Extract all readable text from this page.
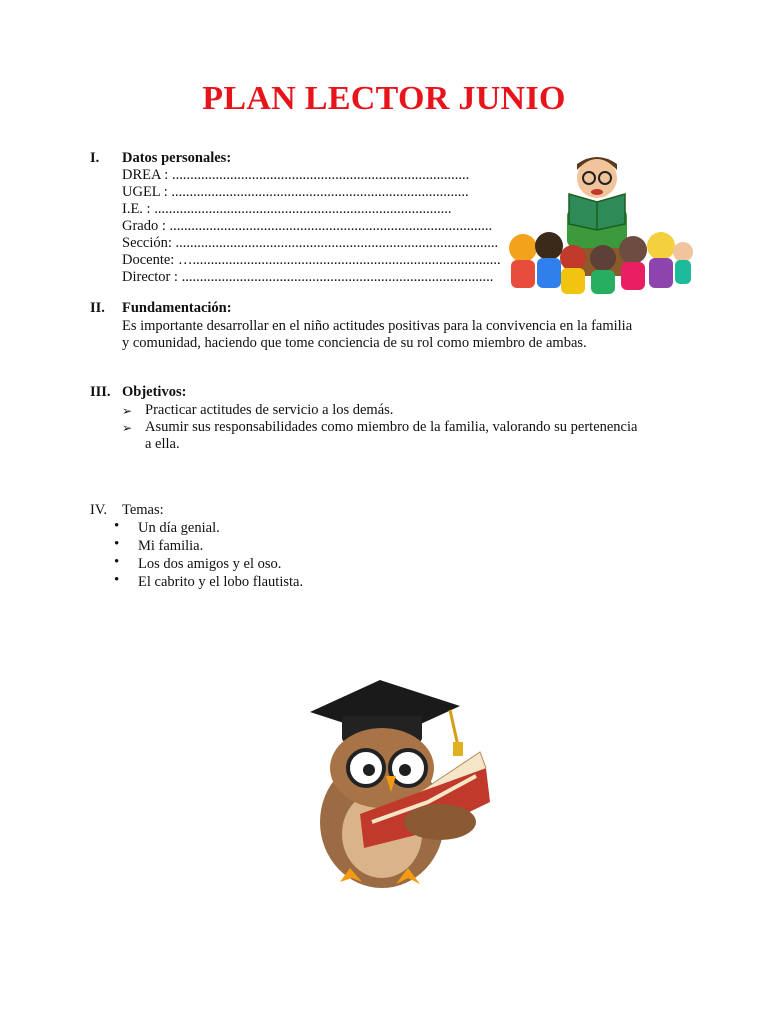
PLAN LECTOR JUNIO
I. Datos personales:
DREA : ..................................................................................
UGEL : ..................................................................................
I.E. : ..................................................................................
Grado : .........................................................................................
Sección: .........................................................................................
Docente: ….....................................................................................
Director : ......................................................................................
II. Fundamentación:
Es importante desarrollar en el niño actitudes positivas para la convivencia en la familia
y comunidad, haciendo que tome conciencia de su rol como miembro de ambas.
III. Objetivos:
➢ Practicar actitudes de servicio a los demás.
➢ Asumir sus responsabilidades como miembro de la familia, valorando su pertenencia
a ella.
IV. Temas:
• Un día genial.
• Mi familia.
• Los dos amigos y el oso.
• El cabrito y el lobo flautista.
